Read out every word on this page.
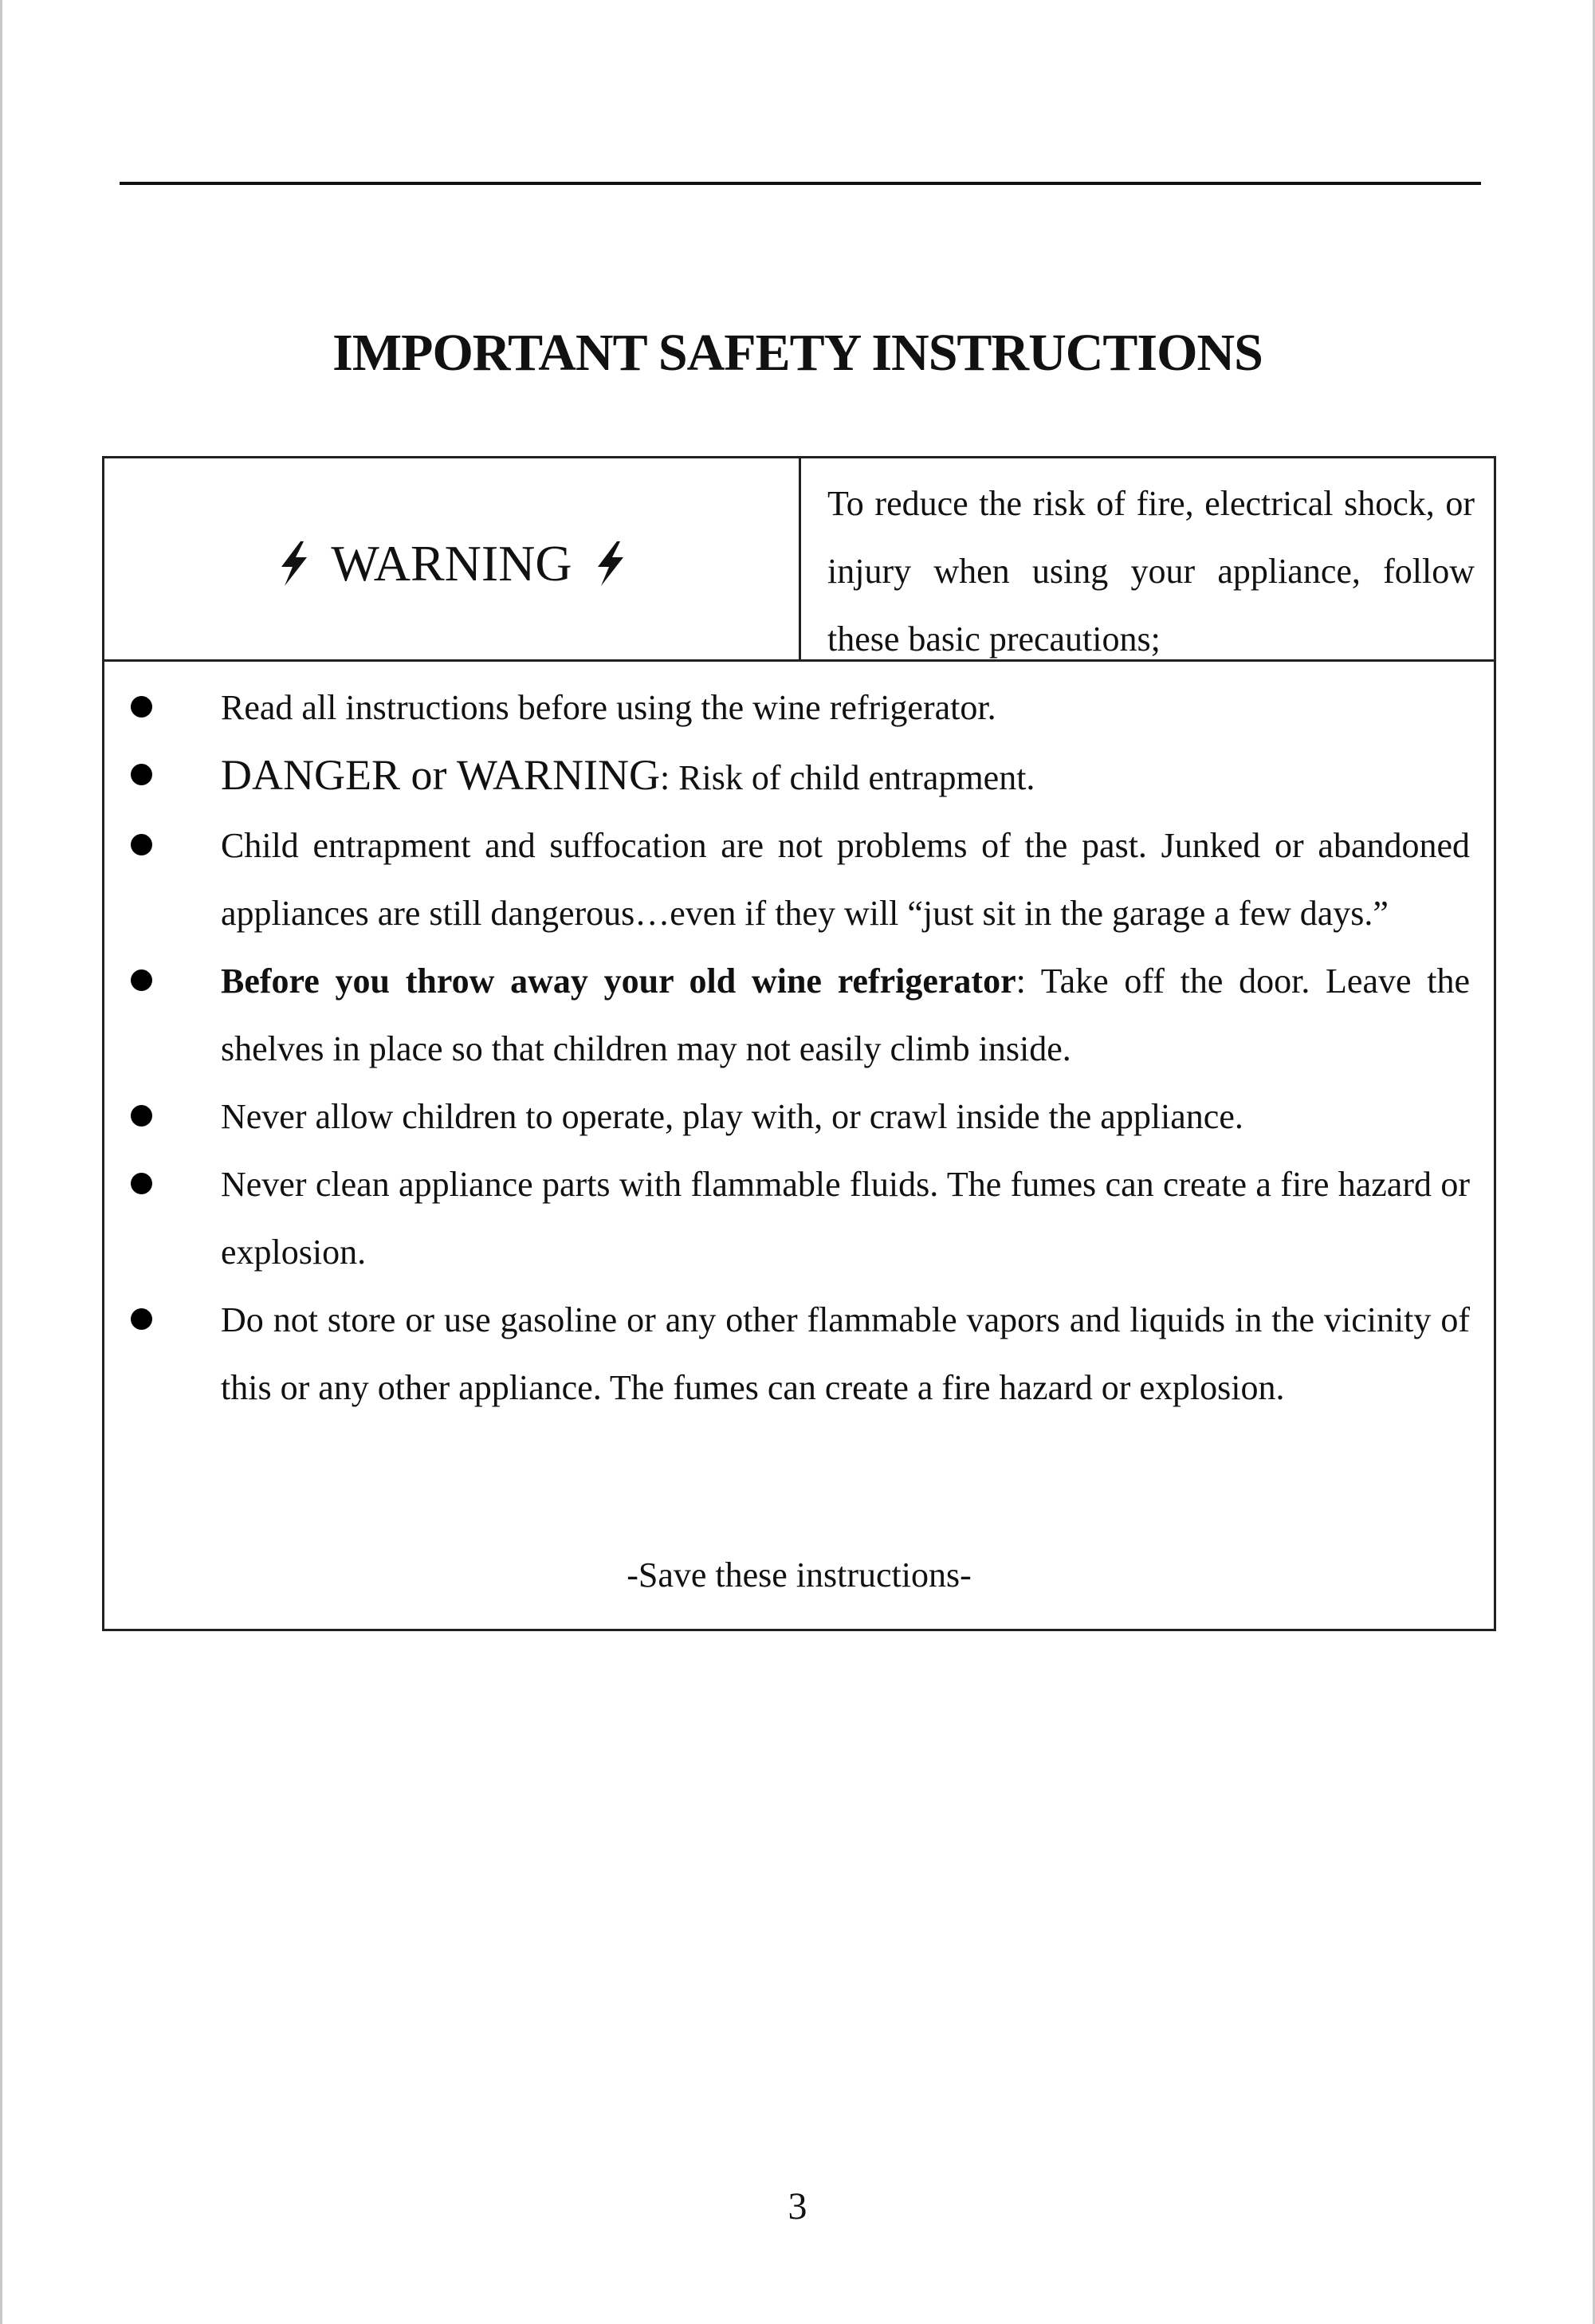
IMPORTANT SAFETY INSTRUCTIONS
WARNING
To reduce the risk of fire, electrical shock, or injury when using your appliance, follow these basic precautions;
Read all instructions before using the wine refrigerator.
DANGER or WARNING: Risk of child entrapment.
Child entrapment and suffocation are not problems of the past. Junked or abandoned appliances are still dangerous…even if they will “just sit in the garage a few days.”
Before you throw away your old wine refrigerator: Take off the door. Leave the shelves in place so that children may not easily climb inside.
Never allow children to operate, play with, or crawl inside the appliance.
Never clean appliance parts with flammable fluids. The fumes can create a fire hazard or explosion.
Do not store or use gasoline or any other flammable vapors and liquids in the vicinity of this or any other appliance. The fumes can create a fire hazard or explosion.
-Save these instructions-
3
